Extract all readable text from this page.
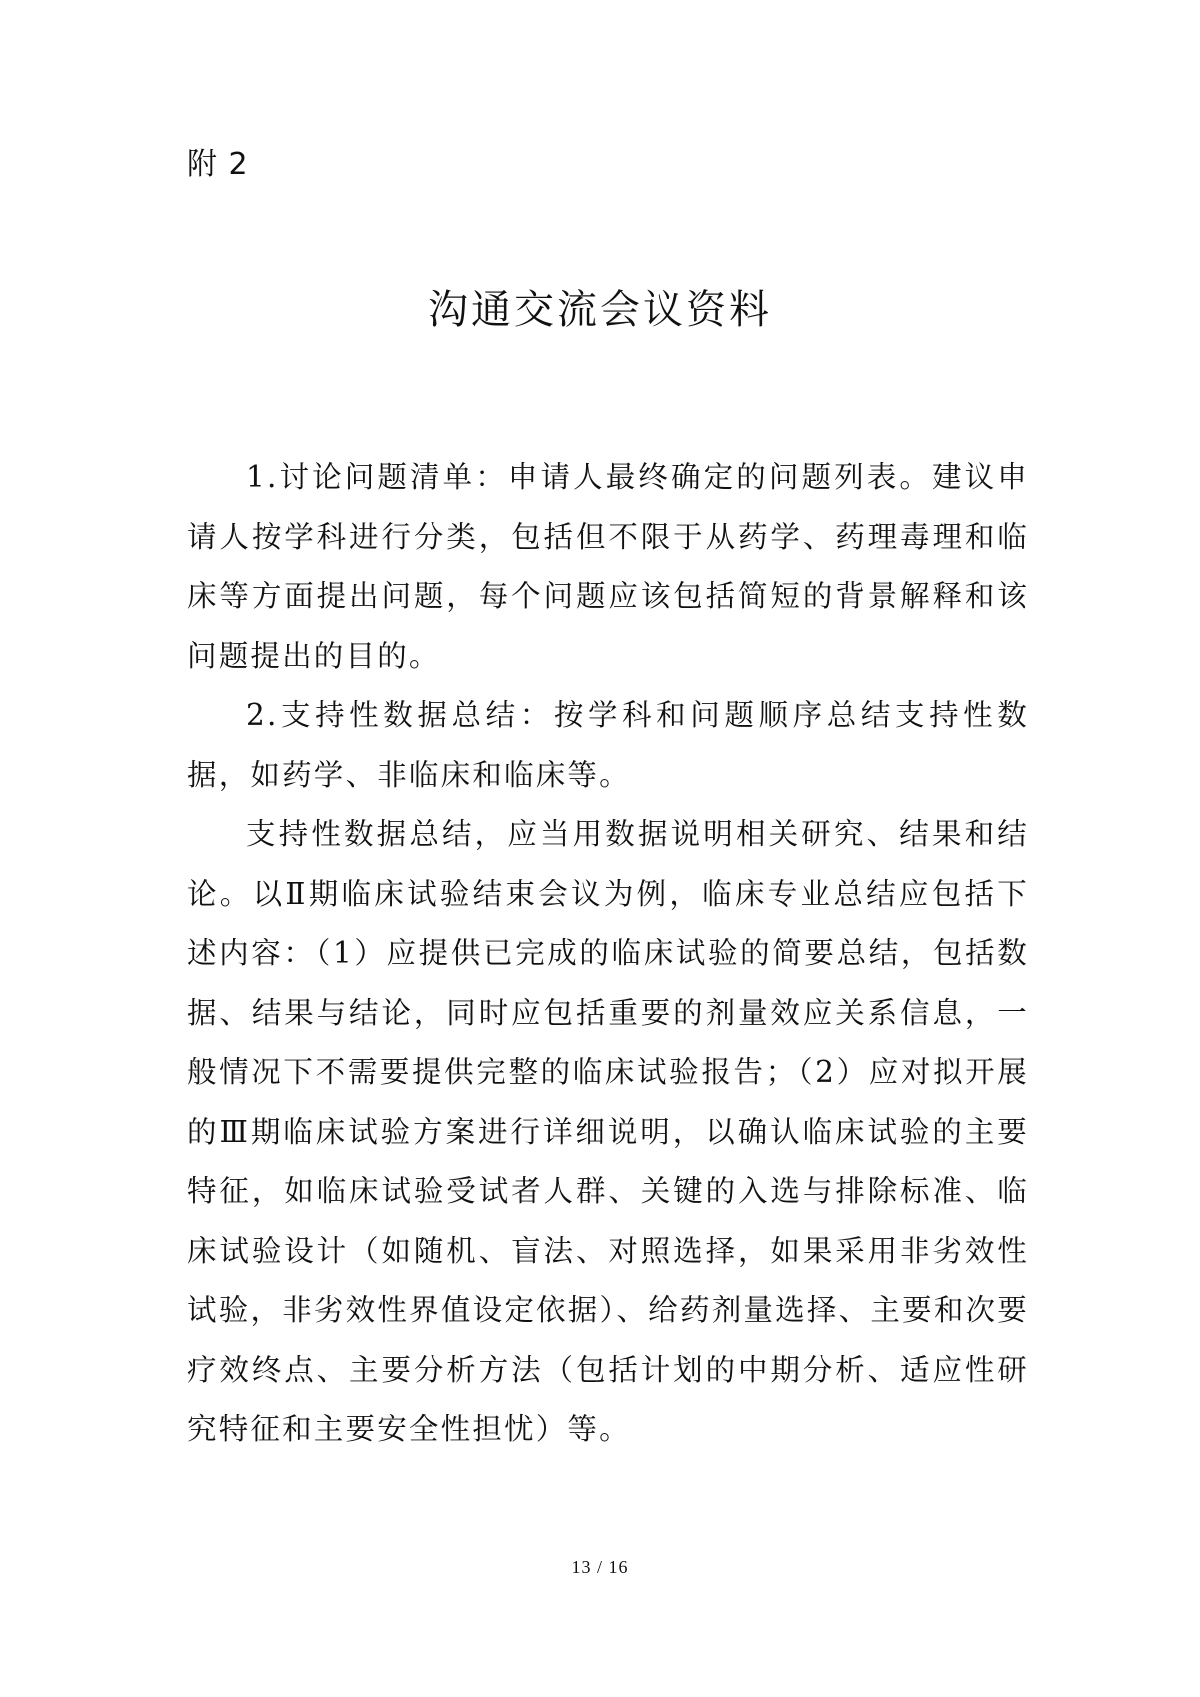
附 2
沟通交流会议资料

1.讨论问题清单：申请人最终确定的问题列表。建议申请人按学科进行分类，包括但不限于从药学、药理毒理和临床等方面提出问题，每个问题应该包括简短的背景解释和该问题提出的目的。

2.支持性数据总结：按学科和问题顺序总结支持性数据，如药学、非临床和临床等。

支持性数据总结，应当用数据说明相关研究、结果和结论。以Ⅱ期临床试验结束会议为例，临床专业总结应包括下述内容：（1）应提供已完成的临床试验的简要总结，包括数据、结果与结论，同时应包括重要的剂量效应关系信息，一般情况下不需要提供完整的临床试验报告；（2）应对拟开展的Ⅲ期临床试验方案进行详细说明，以确认临床试验的主要特征，如临床试验受试者人群、关键的入选与排除标准、临床试验设计（如随机、盲法、对照选择，如果采用非劣效性试验，非劣效性界值设定依据）、给药剂量选择、主要和次要疗效终点、主要分析方法（包括计划的中期分析、适应性研究特征和主要安全性担忧）等。

13 / 16
